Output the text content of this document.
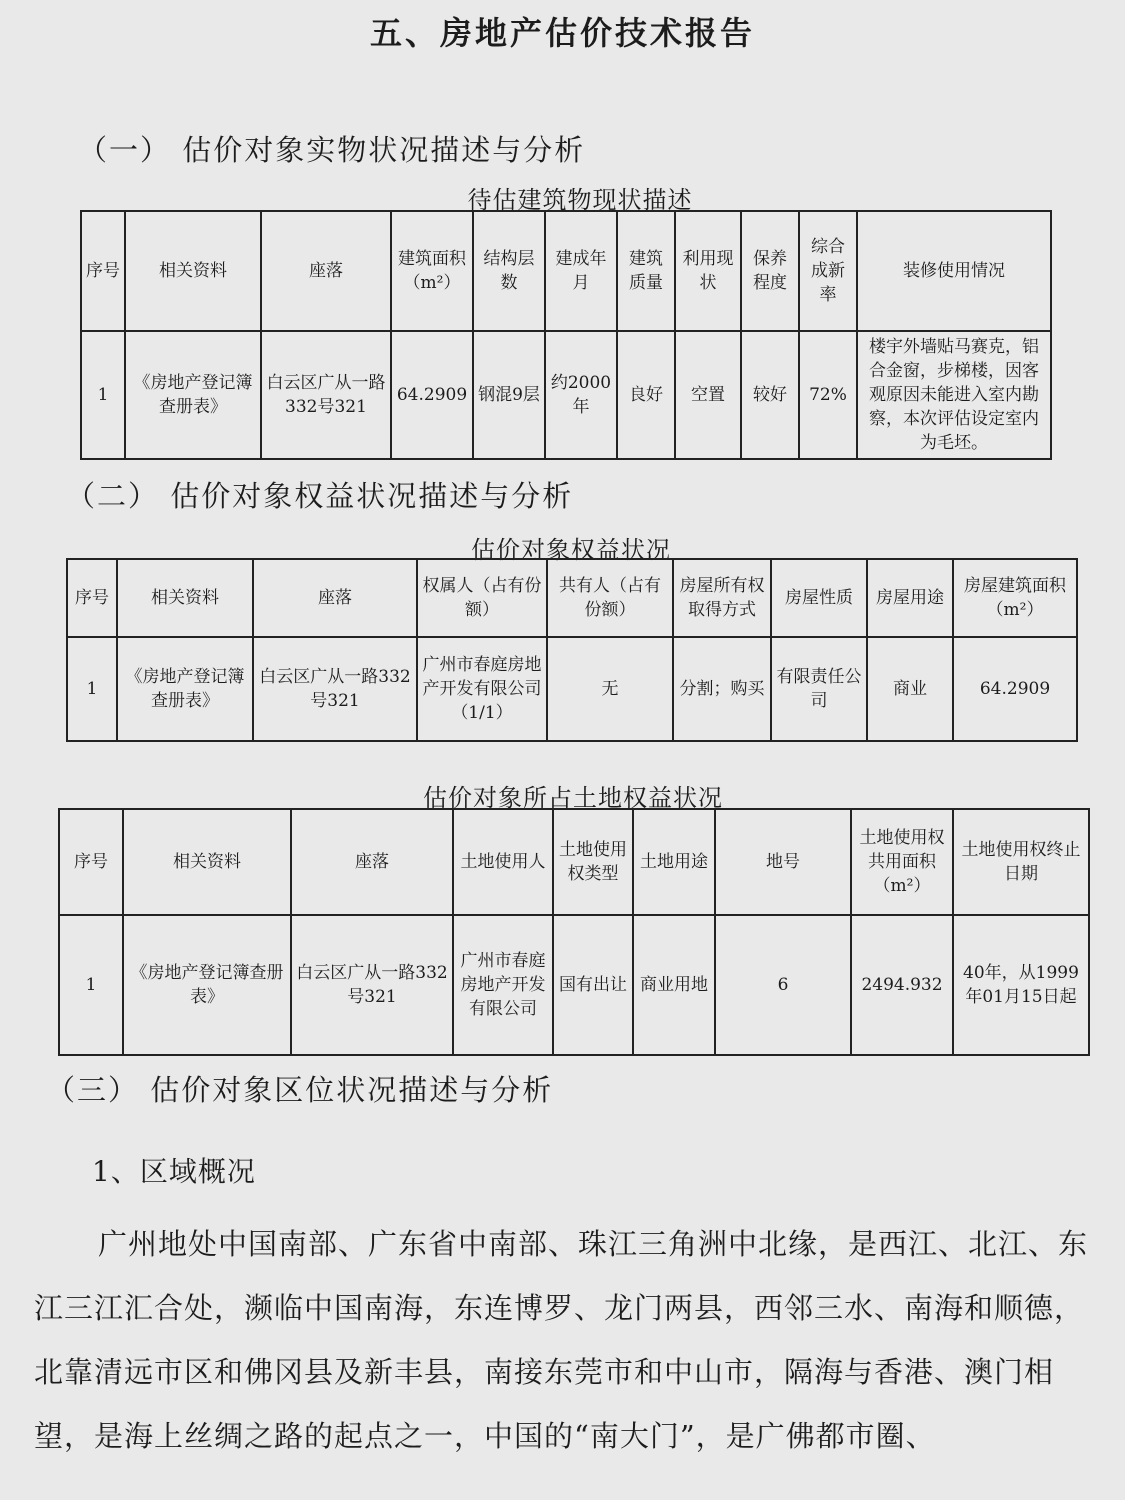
五、房地产估价技术报告
（一） 估价对象实物状况描述与分析
待估建筑物现状描述
序号	相关资料	座落	建筑面积（m²）	结构层数	建成年月	建筑质量	利用现状	保养程度	综合成新率	装修使用情况
1	《房地产登记簿查册表》	白云区广从一路332号321	64.2909	钢混9层	约2000年	良好	空置	较好	72%	楼宇外墙贴马赛克，铝合金窗，步梯楼，因客观原因未能进入室内勘察，本次评估设定室内为毛坯。
（二） 估价对象权益状况描述与分析
估价对象权益状况
序号	相关资料	座落	权属人（占有份额）	共有人（占有份额）	房屋所有权取得方式	房屋性质	房屋用途	房屋建筑面积（m²）
1	《房地产登记簿查册表》	白云区广从一路332号321	广州市春庭房地产开发有限公司（1/1）	无	分割；购买	有限责任公司	商业	64.2909
估价对象所占土地权益状况
序号	相关资料	座落	土地使用人	土地使用权类型	土地用途	地号	土地使用权共用面积（m²）	土地使用权终止日期
1	《房地产登记簿查册表》	白云区广从一路332号321	广州市春庭房地产开发有限公司	国有出让	商业用地	6	2494.932	40年，从1999年01月15日起
（三） 估价对象区位状况描述与分析
1、区域概况
广州地处中国南部、广东省中南部、珠江三角洲中北缘，是西江、北江、东江三江汇合处，濒临中国南海，东连博罗、龙门两县，西邻三水、南海和顺德，北靠清远市区和佛冈县及新丰县，南接东莞市和中山市，隔海与香港、澳门相望，是海上丝绸之路的起点之一，中国的“南大门”，是广佛都市圈、
